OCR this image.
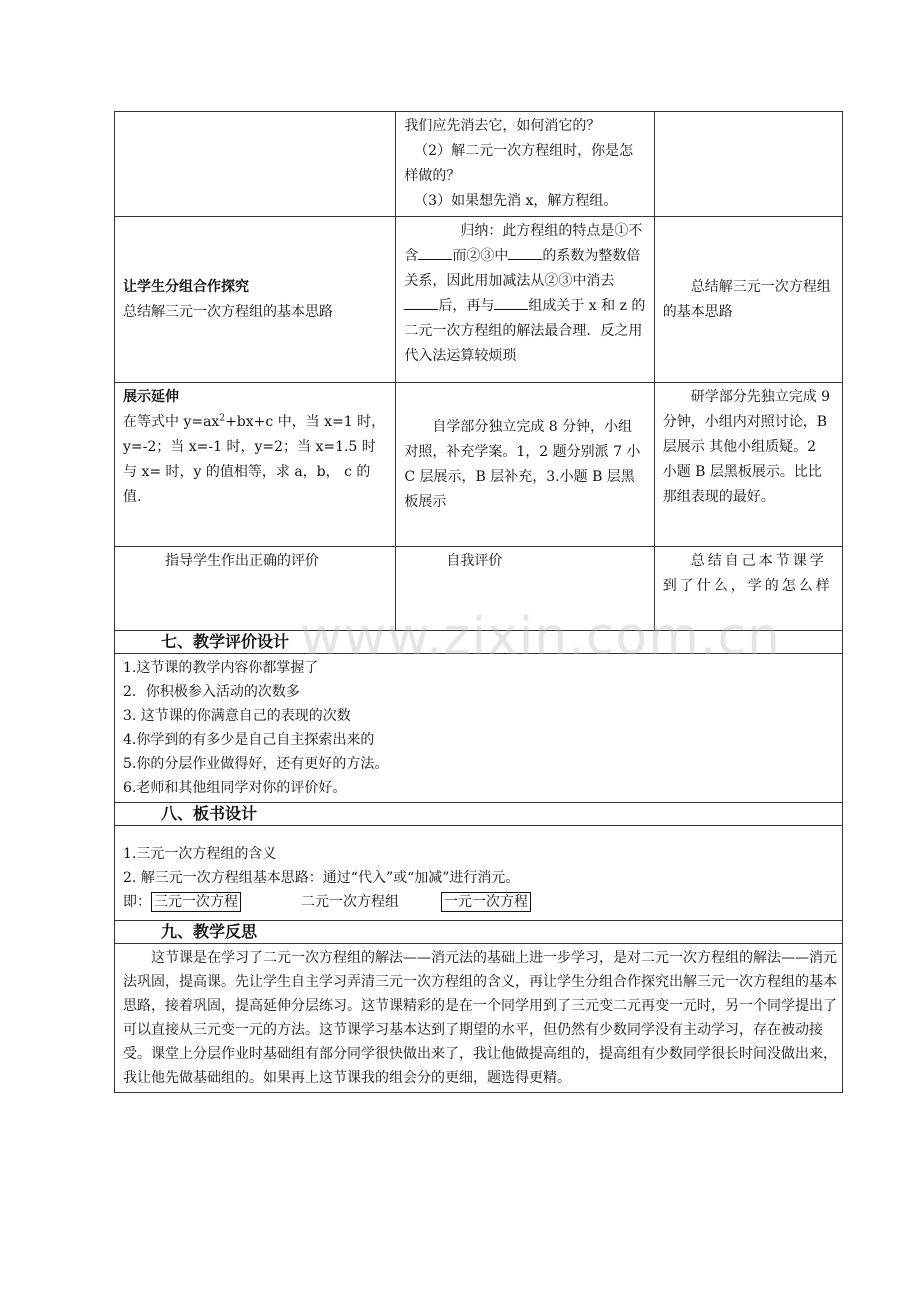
	我们应先消去它，如何消它的？

（2）解二元一次方程组时，你是怎样做的？

（3）如果想先消 x，解方程组。	

让学生分组合作探究
总结解三元一次方程组的基本思路	归纳：此方程组的特点是①不含 而②③中 的系数为整数倍关系，因此用加减法从②③中消去后，再与 组成关于 x 和 z 的二元一次方程组的解法最合理．反之用代入法运算较烦琐	总结解三元一次方程组的基本思路

展示延伸
在等式中 $y=ax^2+bx+c$ 中，当 x=1 时，y=-2；当 x=-1 时，y=2；当 x=1.5 时与 x= 时，y 的值相等，求 a，b， c 的值.	自学部分独立完成 8 分钟，小组对照，补充学案。1，2 题分别派 7 小 C 层展示，B 层补充，3.小题 B 层黑板展示	研学部分先独立完成 9 分钟，小组内对照讨论，B 层展示 其他小组质疑。2 小题 B 层黑板展示。比比那组表现的最好。

指导学生作出正确的评价	自我评价	总结自己本节课学到了什么，学的怎么样
七、教学评价设计

1.这节课的教学内容你都掌握了

2．你积极参入活动的次数多

3. 这节课的你满意自己的表现的次数

4.你学到的有多少是自己自主探索出来的

5.你的分层作业做得好，还有更好的方法。

6.老师和其他组同学对你的评价好。

八、板书设计

1.三元一次方程组的含义

2. 解三元一次方程组基本思路：通过“代入”或“加减”进行消元。

即： 三元一次方程	二元一次方程组	一元一次方程

九、教学反思

这节课是在学习了二元一次方程组的解法——消元法的基础上进一步学习，是对二元一次方程组的解法——消元法巩固，提高课。先让学生自主学习弄清三元一次方程组的含义，再让学生分组合作探究出解三元一次方程组的基本思路，接着巩固，提高延伸分层练习。这节课精彩的是在一个同学用到了三元变二元再变一元时，另一个同学提出了可以直接从三元变一元的方法。这节课学习基本达到了期望的水平，但仍然有少数同学没有主动学习，存在被动接受。课堂上分层作业时基础组有部分同学很快做出来了，我让他做提高组的，提高组有少数同学很长时间没做出来，我让他先做基础组的。如果再上这节课我的组会分的更细，题选得更精。

www.zixin.com.cn
